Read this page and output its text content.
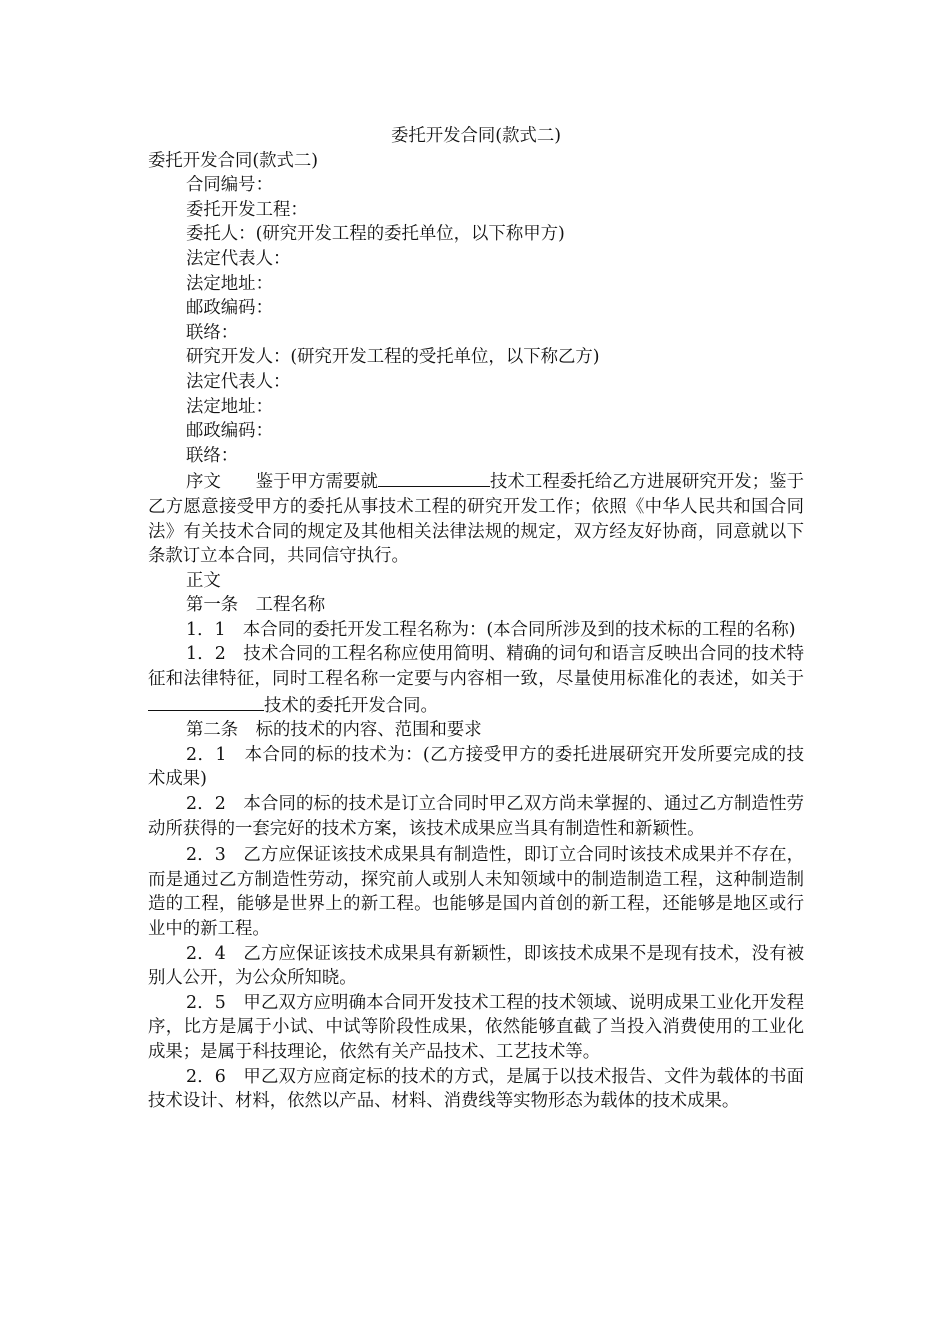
委托开发合同(款式二)

委托开发合同(款式二)

合同编号：

委托开发工程：

委托人：(研究开发工程的委托单位，以下称甲方)

法定代表人：

法定地址：

邮政编码：

联络：

研究开发人：(研究开发工程的受托单位，以下称乙方)

法定代表人：

法定地址：

邮政编码：

联络：

序文　　鉴于甲方需要就	技术工程委托给乙方进展研究开发；鉴于乙方愿意接受甲方的委托从事技术工程的研究开发工作；依照《中华人民共和国合同法》有关技术合同的规定及其他相关法律法规的规定，双方经友好协商，同意就以下条款订立本合同，共同信守执行。

正文

第一条　工程名称

1．1　本合同的委托开发工程名称为：(本合同所涉及到的技术标的工程的名称)

1．2　技术合同的工程名称应使用简明、精确的词句和语言反映出合同的技术特征和法律特征，同时工程名称一定要与内容相一致，尽量使用标准化的表述，如关于技术的委托开发合同。

第二条　标的技术的内容、范围和要求

2．1　本合同的标的技术为：(乙方接受甲方的委托进展研究开发所要完成的技术成果)

2．2　本合同的标的技术是订立合同时甲乙双方尚未掌握的、通过乙方制造性劳动所获得的一套完好的技术方案，该技术成果应当具有制造性和新颖性。

2．3　乙方应保证该技术成果具有制造性，即订立合同时该技术成果并不存在，而是通过乙方制造性劳动，探究前人或别人未知领域中的制造制造工程，这种制造制造的工程，能够是世界上的新工程。也能够是国内首创的新工程，还能够是地区或行业中的新工程。

2．4　乙方应保证该技术成果具有新颖性，即该技术成果不是现有技术，没有被别人公开，为公众所知晓。

2．5　甲乙双方应明确本合同开发技术工程的技术领域、说明成果工业化开发程序，比方是属于小试、中试等阶段性成果，依然能够直截了当投入消费使用的工业化成果；是属于科技理论，依然有关产品技术、工艺技术等。

2．6　甲乙双方应商定标的技术的方式，是属于以技术报告、文件为载体的书面技术设计、材料，依然以产品、材料、消费线等实物形态为载体的技术成果。
